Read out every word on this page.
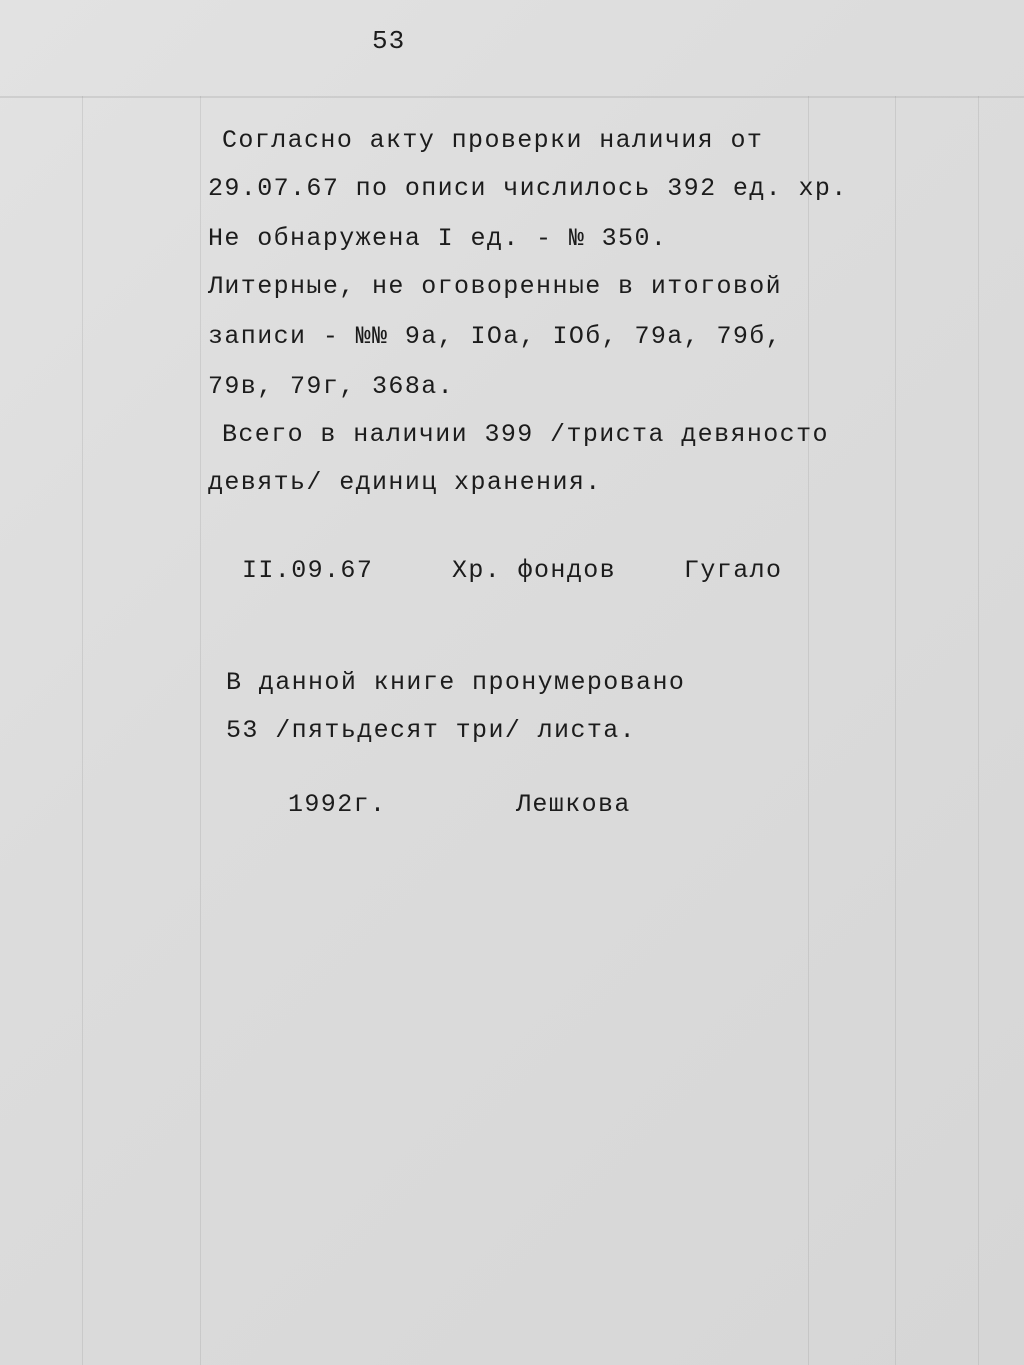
53
Согласно акту проверки наличия от
29.07.67 по описи числилось 392 ед. хр.
Не обнаружена I ед. - № 350.
Литерные, не оговоренные в итоговой
записи - №№ 9а, IОа, IОб, 79а, 79б,
79в, 79г, 368а.
Всего в наличии 399 /триста девяносто
девять/ единиц хранения.
II.09.67	Хр. фондов	Гугало
В данной книге пронумеровано
53 /пятьдесят три/ листа.
1992г.	Лешкова
